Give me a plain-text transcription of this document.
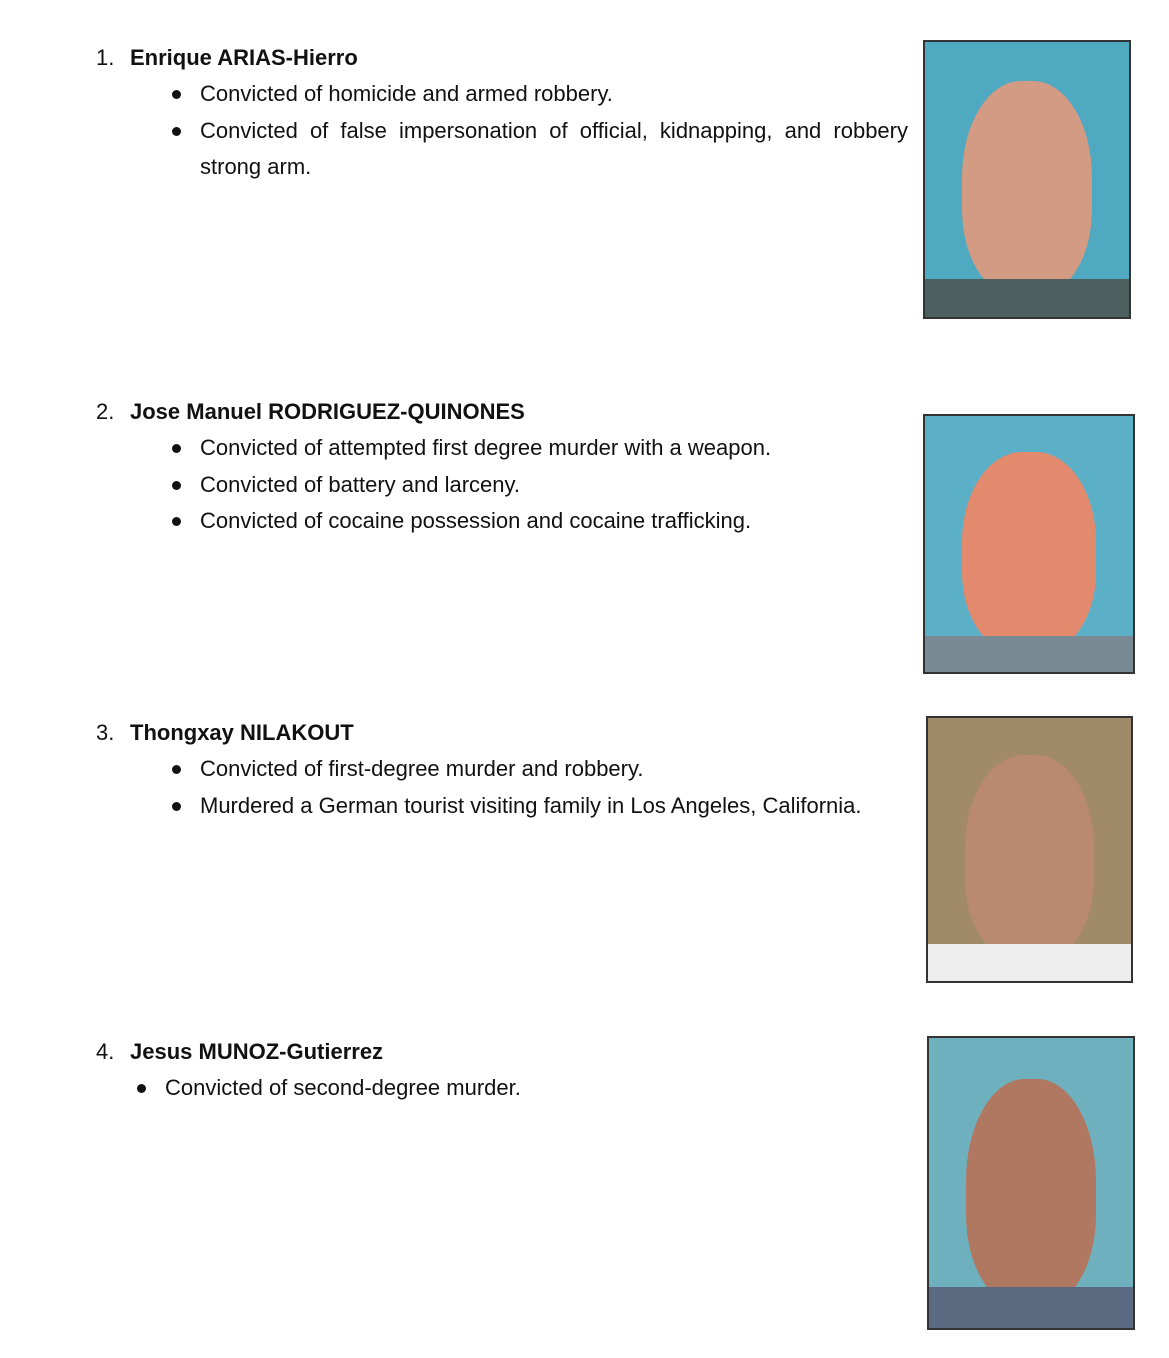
1. Enrique ARIAS-Hierro
Convicted of homicide and armed robbery.
Convicted of false impersonation of official, kidnapping, and robbery strong arm.
2. Jose Manuel RODRIGUEZ-QUINONES
Convicted of attempted first degree murder with a weapon.
Convicted of battery and larceny.
Convicted of cocaine possession and cocaine trafficking.
3. Thongxay NILAKOUT
Convicted of first-degree murder and robbery.
Murdered a German tourist visiting family in Los Angeles, California.
4. Jesus MUNOZ-Gutierrez
Convicted of second-degree murder.
